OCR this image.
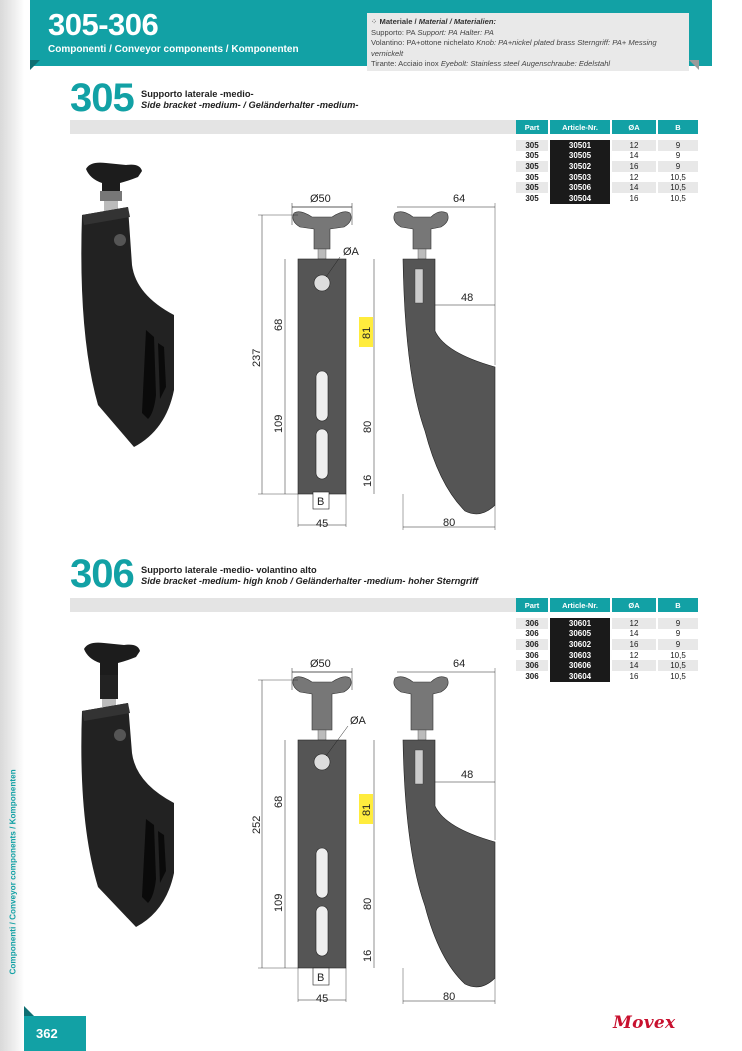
305-306
Componenti / Conveyor components / Komponenten
⁘ Materiale / Material / Materialien:
Supporto: PA Support: PA Halter: PA
Volantino: PA+ottone nichelato Knob: PA+nickel plated brass Sterngriff: PA+ Messing vernickelt
Tirante: Acciaio inox Eyebolt: Stainless steel Augenschraube: Edelstahl
305 Supporto laterale -medio-
Side bracket -medium- / Geländerhalter -medium-
Part	Article-Nr.	ØA	B

305	30501	12	9
305	30505	14	9
305	30502	16	9
305	30503	12	10,5
305	30506	14	10,5
305	30504	16	10,5
Ø50
ØA
237
68
109
81
80
16
45
B
64
48
80
306 Supporto laterale -medio- volantino alto
Side bracket -medium- high knob / Geländerhalter -medium- hoher Sterngriff
Part	Article-Nr.	ØA	B

306	30601	12	9
306	30605	14	9
306	30602	16	9
306	30603	12	10,5
306	30606	14	10,5
306	30604	16	10,5
Ø50
ØA
252
68
109
81
80
16
45
B
64
48
80
Componenti / Conveyor components / Komponenten
362
Movex
